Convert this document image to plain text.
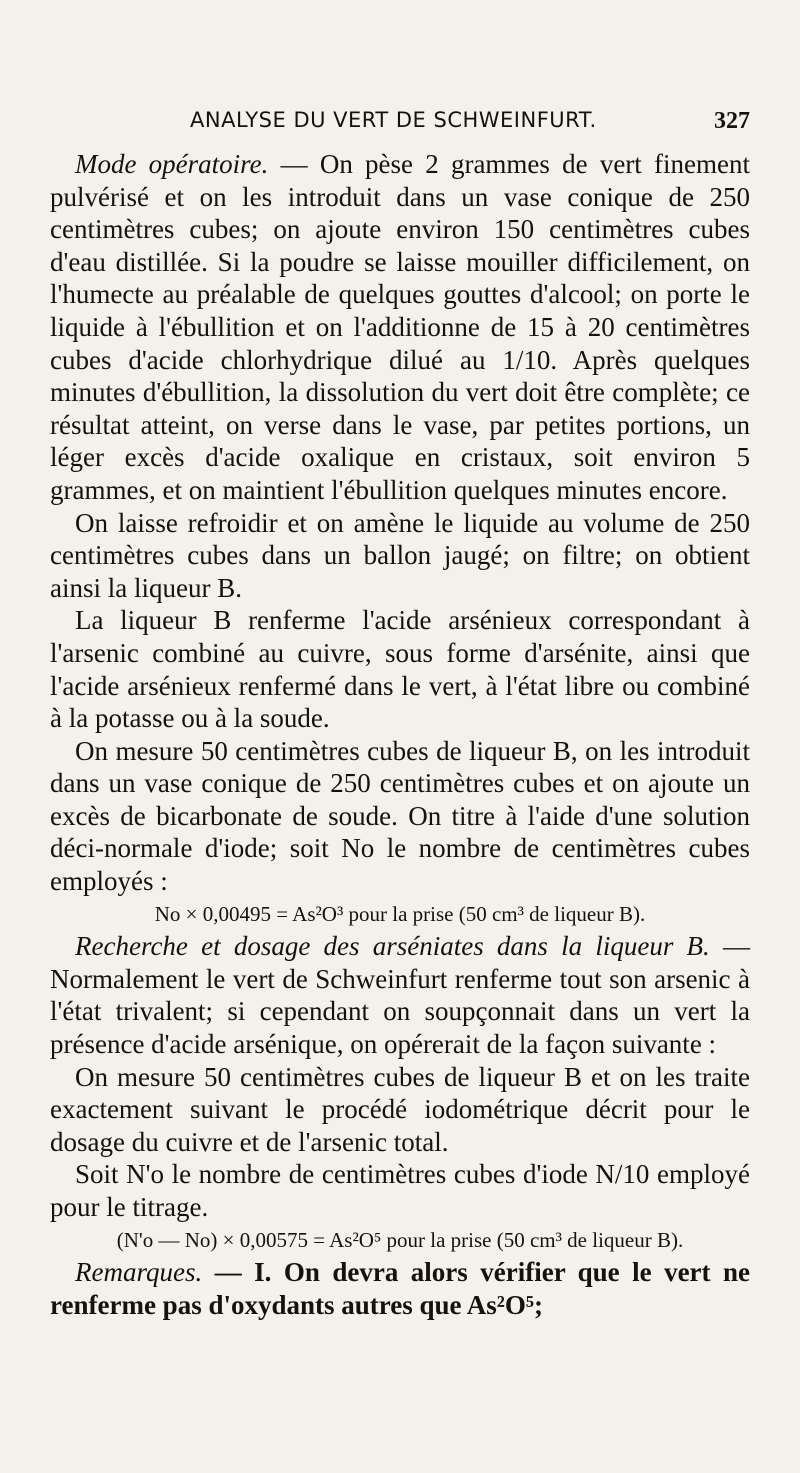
ANALYSE DU VERT DE SCHWEINFURT.	327

Mode opératoire. — On pèse 2 grammes de vert finement pulvérisé et on les introduit dans un vase conique de 250 centimètres cubes; on ajoute environ 150 centimètres cubes d'eau distillée. Si la poudre se laisse mouiller difficilement, on l'humecte au préalable de quelques gouttes d'alcool; on porte le liquide à l'ébullition et on l'additionne de 15 à 20 centimètres cubes d'acide chlorhydrique dilué au 1/10. Après quelques minutes d'ébullition, la dissolution du vert doit être complète; ce résultat atteint, on verse dans le vase, par petites portions, un léger excès d'acide oxalique en cristaux, soit environ 5 grammes, et on maintient l'ébullition quelques minutes encore.

On laisse refroidir et on amène le liquide au volume de 250 centimètres cubes dans un ballon jaugé; on filtre; on obtient ainsi la liqueur B.

La liqueur B renferme l'acide arsénieux correspondant à l'arsenic combiné au cuivre, sous forme d'arsénite, ainsi que l'acide arsénieux renfermé dans le vert, à l'état libre ou combiné à la potasse ou à la soude.

On mesure 50 centimètres cubes de liqueur B, on les introduit dans un vase conique de 250 centimètres cubes et on ajoute un excès de bicarbonate de soude. On titre à l'aide d'une solution déci-normale d'iode; soit No le nombre de centimètres cubes employés :

No × 0,00495 = As²O³ pour la prise (50 cm³ de liqueur B).

Recherche et dosage des arséniates dans la liqueur B. — Normalement le vert de Schweinfurt renferme tout son arsenic à l'état trivalent; si cependant on soupçonnait dans un vert la présence d'acide arsénique, on opérerait de la façon suivante :

On mesure 50 centimètres cubes de liqueur B et on les traite exactement suivant le procédé iodométrique décrit pour le dosage du cuivre et de l'arsenic total.

Soit N'o le nombre de centimètres cubes d'iode N/10 employé pour le titrage.

(N'o — No) × 0,00575 = As²O⁵ pour la prise (50 cm³ de liqueur B).

Remarques. — I. On devra alors vérifier que le vert ne renferme pas d'oxydants autres que As²O⁵;
